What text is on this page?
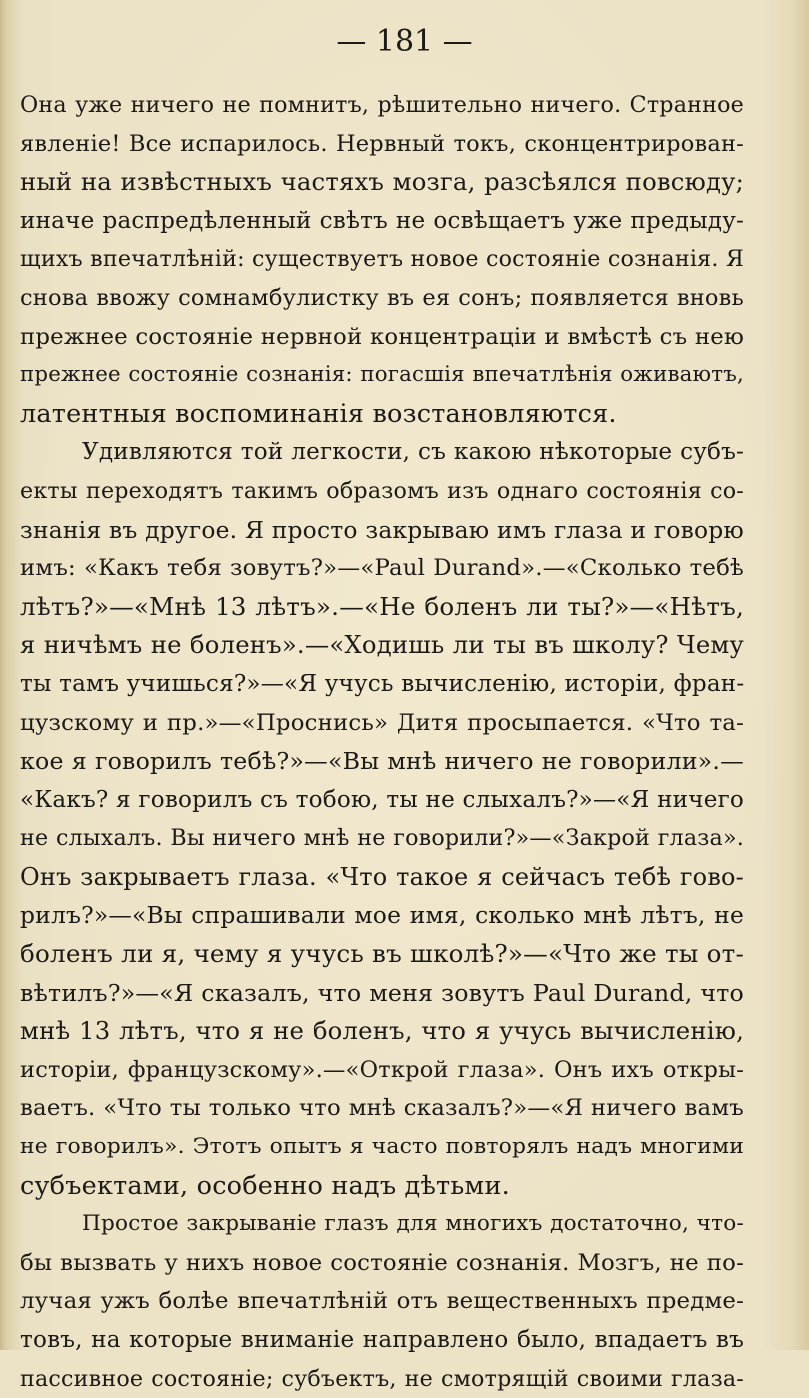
— 181 —
Она уже ничего не помнитъ, рѣшительно ничего. Странное
явленіе! Все испарилось. Нервный токъ, сконцентрирован-
ный на извѣстныхъ частяхъ мозга, разсѣялся повсюду;
иначе распредѣленный свѣтъ не освѣщаетъ уже предыду-
щихъ впечатлѣній: существуетъ новое состояніе сознанія. Я
снова ввожу сомнамбулистку въ ея сонъ; появляется вновь
прежнее состояніе нервной концентраціи и вмѣстѣ съ нею
прежнее состояніе сознанія: погасшія впечатлѣнія оживаютъ,
латентныя воспоминанія возстановляются.
Удивляются той легкости, съ какою нѣкоторые субъ-
екты переходятъ такимъ образомъ изъ однаго состоянія со-
знанія въ другое. Я просто закрываю имъ глаза и говорю
имъ: «Какъ тебя зовутъ?»—«Paul Durand».—«Сколько тебѣ
лѣтъ?»—«Мнѣ 13 лѣтъ».—«Не боленъ ли ты?»—«Нѣтъ,
я ничѣмъ не боленъ».—«Ходишь ли ты въ школу? Чему
ты тамъ учишься?»—«Я учусь вычисленію, исторіи, фран-
цузскому и пр.»—«Проснись» Дитя просыпается. «Что та-
кое я говорилъ тебѣ?»—«Вы мнѣ ничего не говорили».—
«Какъ? я говорилъ съ тобою, ты не слыхалъ?»—«Я ничего
не слыхалъ. Вы ничего мнѣ не говорили?»—«Закрой глаза».
Онъ закрываетъ глаза. «Что такое я сейчасъ тебѣ гово-
рилъ?»—«Вы спрашивали мое имя, сколько мнѣ лѣтъ, не
боленъ ли я, чему я учусь въ школѣ?»—«Что же ты от-
вѣтилъ?»—«Я сказалъ, что меня зовутъ Paul Durand, что
мнѣ 13 лѣтъ, что я не боленъ, что я учусь вычисленію,
исторіи, французскому».—«Открой глаза». Онъ ихъ откры-
ваетъ. «Что ты только что мнѣ сказалъ?»—«Я ничего вамъ
не говорилъ». Этотъ опытъ я часто повторялъ надъ многими
субъектами, особенно надъ дѣтьми.
Простое закрываніе глазъ для многихъ достаточно, что-
бы вызвать у нихъ новое состояніе сознанія. Мозгъ, не по-
лучая ужъ болѣе впечатлѣній отъ вещественныхъ предме-
товъ, на которые вниманіе направлено было, впадаетъ въ
пассивное состояніе; субъектъ, не смотрящій своими глаза-
